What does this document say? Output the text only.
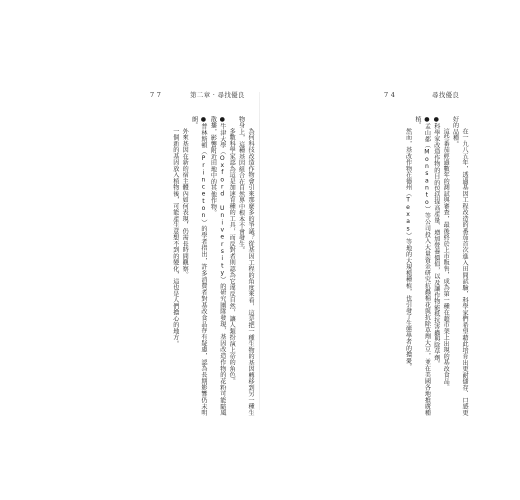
第二章 · 尋找優良
7 7

為何科技改造作物會引來那麼多的爭議？從基因工程的角度來看，這是把一種生物的基因轉移到另一種生物身上，這種基因組合在自然界中根本不會發生。

多數科學家認為這是加速育種的工具，而反對者則認為它違反自然，讓人類扮演上帝的角色。

●牛津大學（Oxford University）的研究團隊發現，基因改造作物的花粉可能隨風散播，影響附近田地中的其他作物。

●普林斯頓（Princeton）的學者指出，許多消費者對基改食品存有疑慮，認為長期影響仍未明朗。

外來基因在新的宿主體內如何表現，仍需長時間觀察。

一個新的基因放入植物後，可能產生意想不到的變化，這也是人們擔心的地方。

7 4	尋找優良

在一九八五年，透過基因工程改造的番茄首次進入田間試驗，科學家們希望藉此培育出更耐儲存、口感更好的品種。

這些番茄經過數年的測試與審查，最後終於上市販售，成為第一種在超市架上出現的基改食品。

●科學家改造作物的目的包括提高產量、增加營養價值，以及讓作物能抵抗害蟲與除草劑。

●孟山都（Monsanto）等公司投入大量資金研究抗蟲棉花與抗除草劑大豆，並在美國各地推廣種植。

然而，基改作物在德州（Texas）等地的大規模種植，也引發了生態學者的擔憂。
